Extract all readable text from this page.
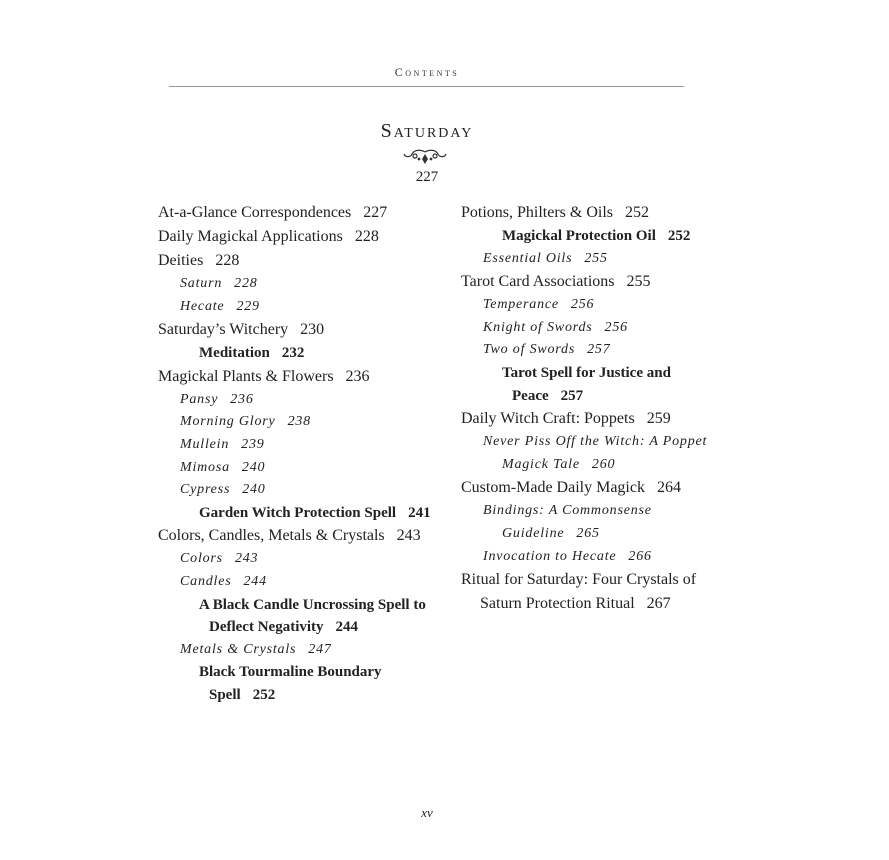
Contents
Saturday
227
At-a-Glance Correspondences 227
Daily Magickal Applications 228
Deities 228
Saturn 228
Hecate 229
Saturday’s Witchery 230
Meditation 232
Magickal Plants & Flowers 236
Pansy 236
Morning Glory 238
Mullein 239
Mimosa 240
Cypress 240
Garden Witch Protection Spell 241
Colors, Candles, Metals & Crystals 243
Colors 243
Candles 244
A Black Candle Uncrossing Spell to Deflect Negativity 244
Metals & Crystals 247
Black Tourmaline Boundary Spell 252
Potions, Philters & Oils 252
Magickal Protection Oil 252
Essential Oils 255
Tarot Card Associations 255
Temperance 256
Knight of Swords 256
Two of Swords 257
Tarot Spell for Justice and Peace 257
Daily Witch Craft: Poppets 259
Never Piss Off the Witch: A Poppet Magick Tale 260
Custom-Made Daily Magick 264
Bindings: A Commonsense Guideline 265
Invocation to Hecate 266
Ritual for Saturday: Four Crystals of Saturn Protection Ritual 267
xv
